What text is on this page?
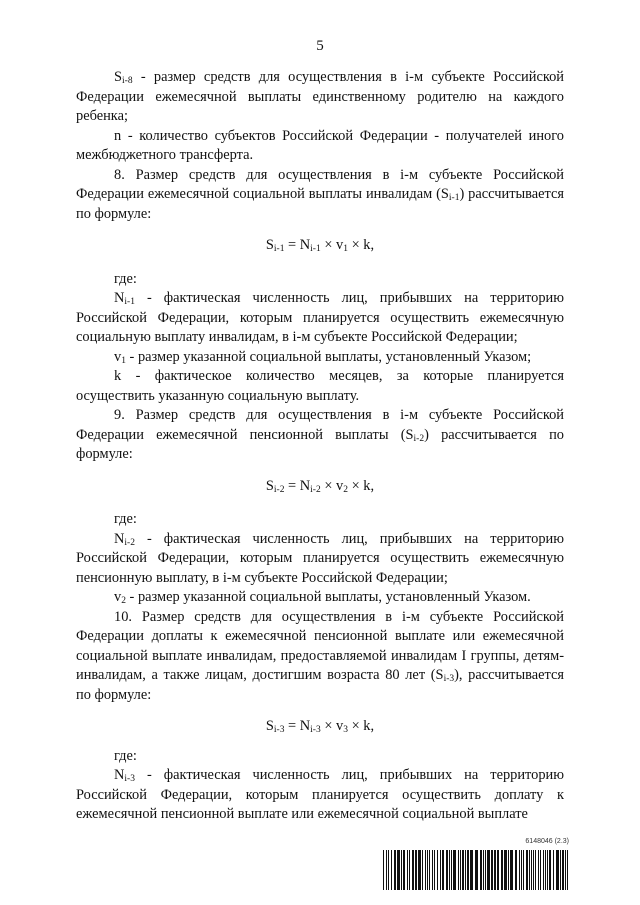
5

$S_{i-8}$ - размер средств для осуществления в i-м субъекте Российской Федерации ежемесячной выплаты единственному родителю на каждого ребенка;

n - количество субъектов Российской Федерации - получателей иного межбюджетного трансферта.

8. Размер средств для осуществления в i-м субъекте Российской Федерации ежемесячной социальной выплаты инвалидам $(S_{i-1})$ рассчитывается по формуле:

$S_{i-1} = N_{i-1} \times v_1 \times k$,

где:

$N_{i-1}$ - фактическая численность лиц, прибывших на территорию Российской Федерации, которым планируется осуществить ежемесячную социальную выплату инвалидам, в i-м субъекте Российской Федерации;

$v_1$ - размер указанной социальной выплаты, установленный Указом;

k - фактическое количество месяцев, за которые планируется осуществить указанную социальную выплату.

9. Размер средств для осуществления в i-м субъекте Российской Федерации ежемесячной пенсионной выплаты $(S_{i-2})$ рассчитывается по формуле:

$S_{i-2} = N_{i-2} \times v_2 \times k$,

где:

$N_{i-2}$ - фактическая численность лиц, прибывших на территорию Российской Федерации, которым планируется осуществить ежемесячную пенсионную выплату, в i-м субъекте Российской Федерации;

$v_2$ - размер указанной социальной выплаты, установленный Указом.

10. Размер средств для осуществления в i-м субъекте Российской Федерации доплаты к ежемесячной пенсионной выплате или ежемесячной социальной выплате инвалидам, предоставляемой инвалидам I группы, детям-инвалидам, а также лицам, достигшим возраста 80 лет $(S_{i-3})$, рассчитывается по формуле:

$S_{i-3} = N_{i-3} \times v_3 \times k$,

где:

$N_{i-3}$ - фактическая численность лиц, прибывших на территорию Российской Федерации, которым планируется осуществить доплату к ежемесячной пенсионной выплате или ежемесячной социальной выплате

6148046 (2.3)
